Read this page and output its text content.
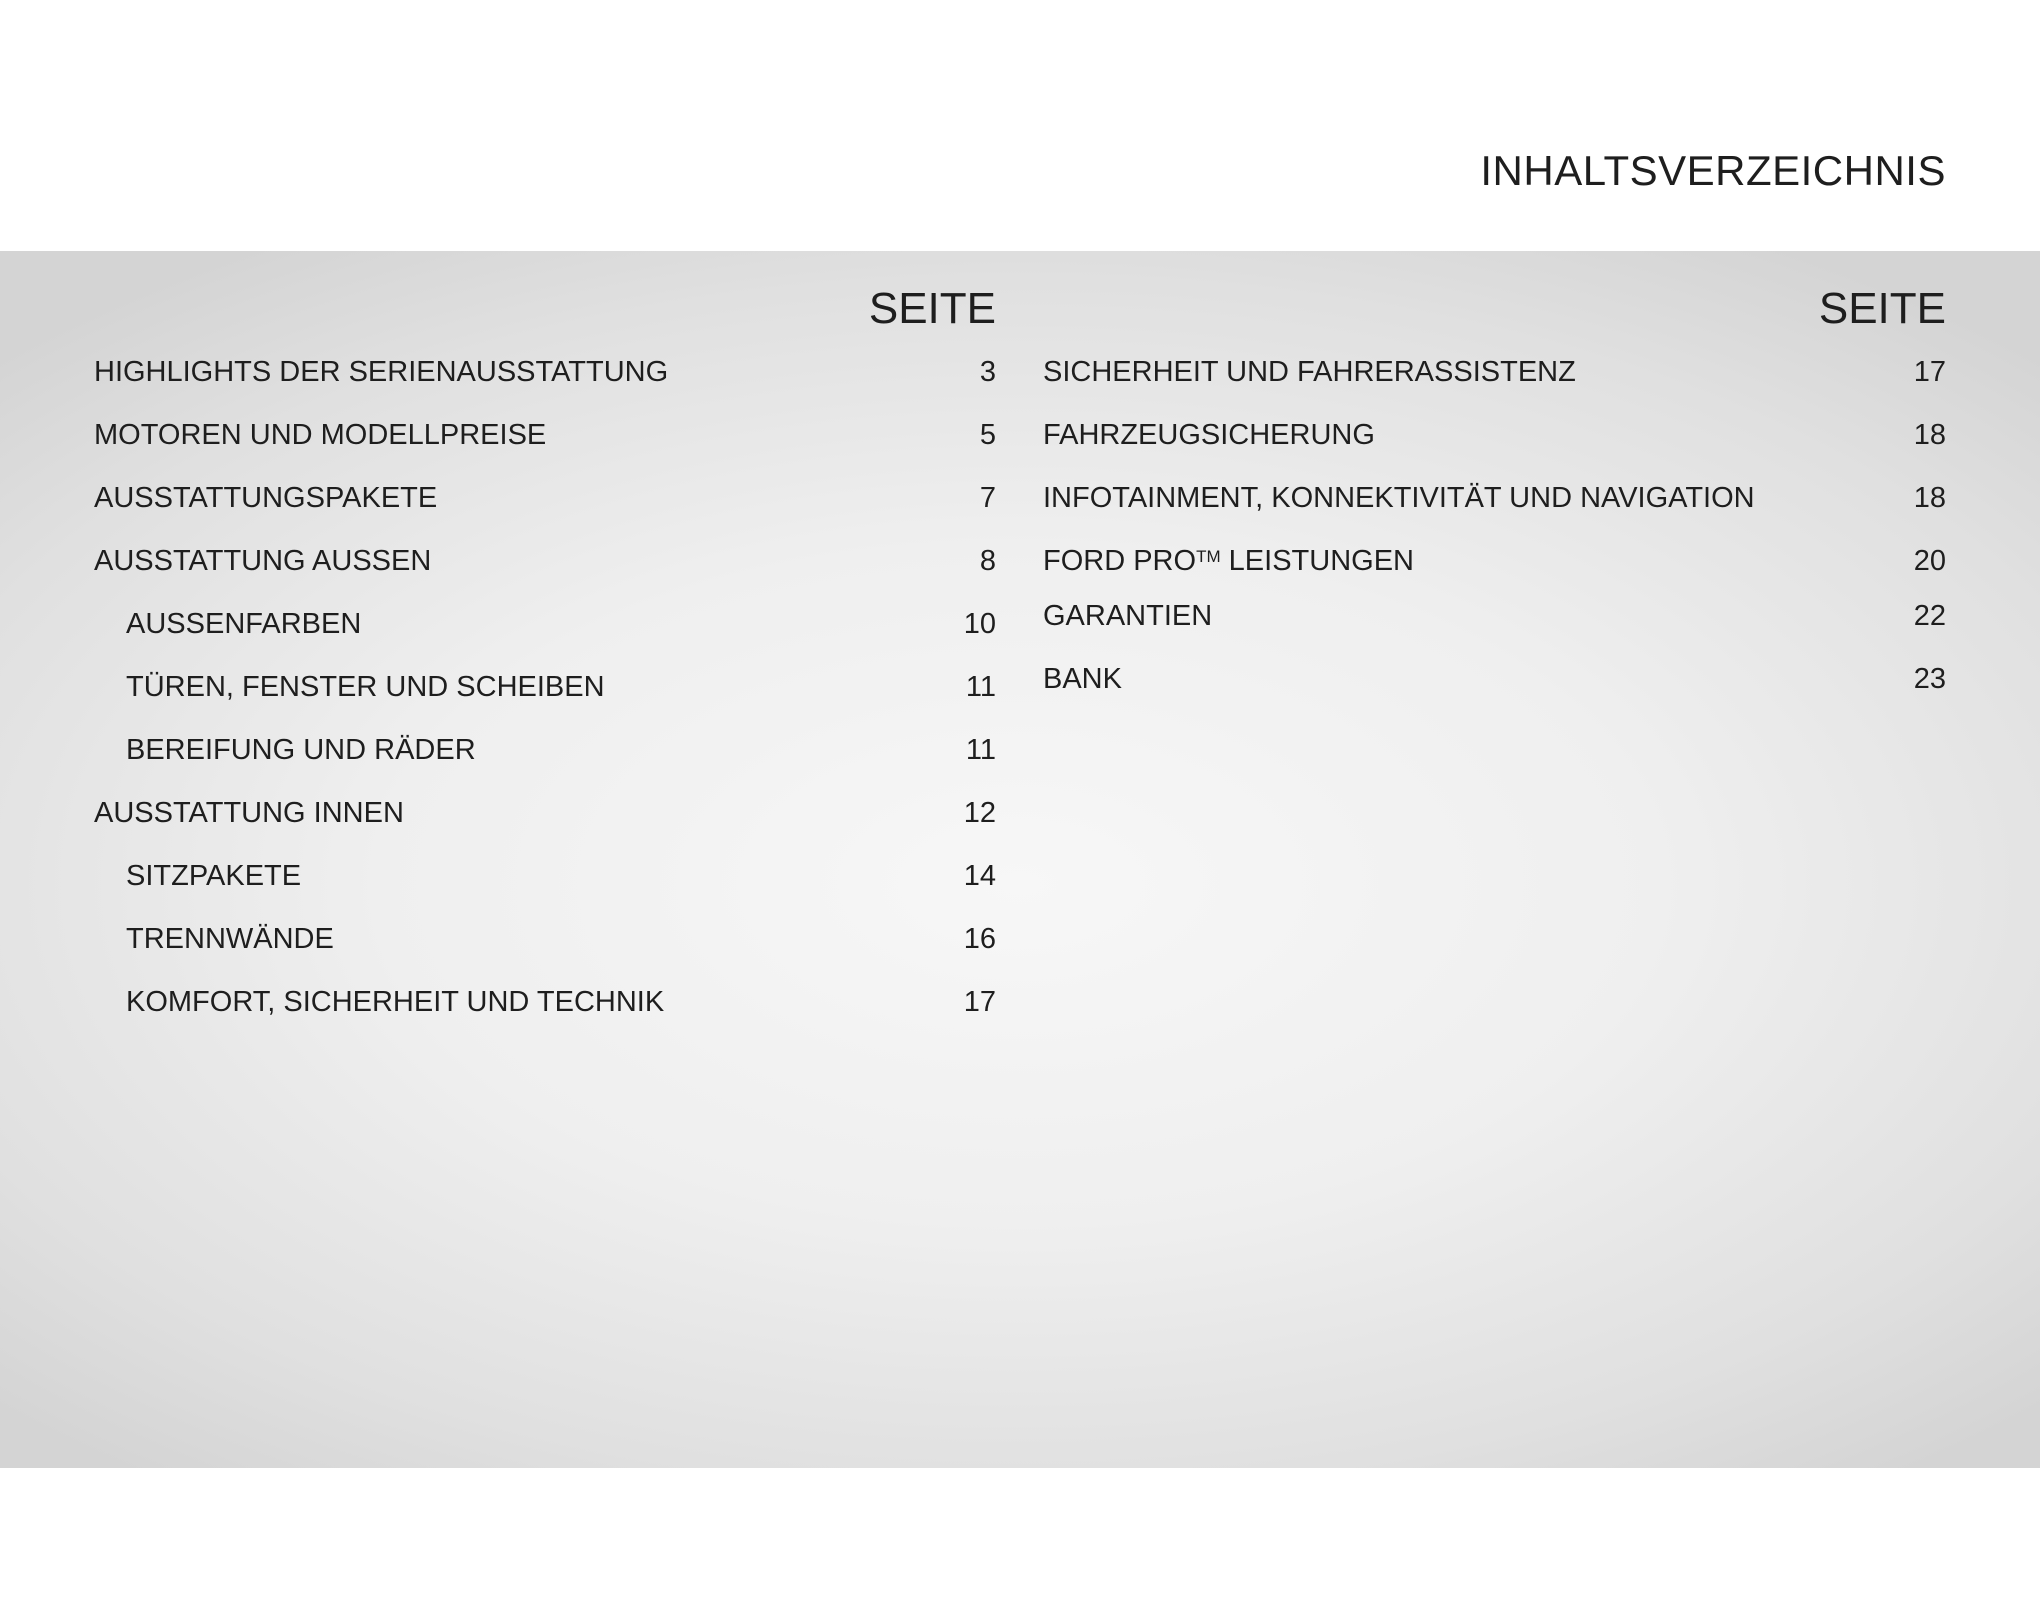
INHALTSVERZEICHNIS
SEITE
HIGHLIGHTS DER SERIENAUSSTATTUNG	3
MOTOREN UND MODELLPREISE	5
AUSSTATTUNGSPAKETE	7
AUSSTATTUNG AUSSEN	8
AUSSENFARBEN	10
TÜREN, FENSTER UND SCHEIBEN	11
BEREIFUNG UND RÄDER	11
AUSSTATTUNG INNEN	12
SITZPAKETE	14
TRENNWÄNDE	16
KOMFORT, SICHERHEIT UND TECHNIK	17
SEITE
SICHERHEIT UND FAHRERASSISTENZ	17
FAHRZEUGSICHERUNG	18
INFOTAINMENT, KONNEKTIVITÄT UND NAVIGATION	18
FORD PRO™ LEISTUNGEN	20
GARANTIEN	22
BANK	23
